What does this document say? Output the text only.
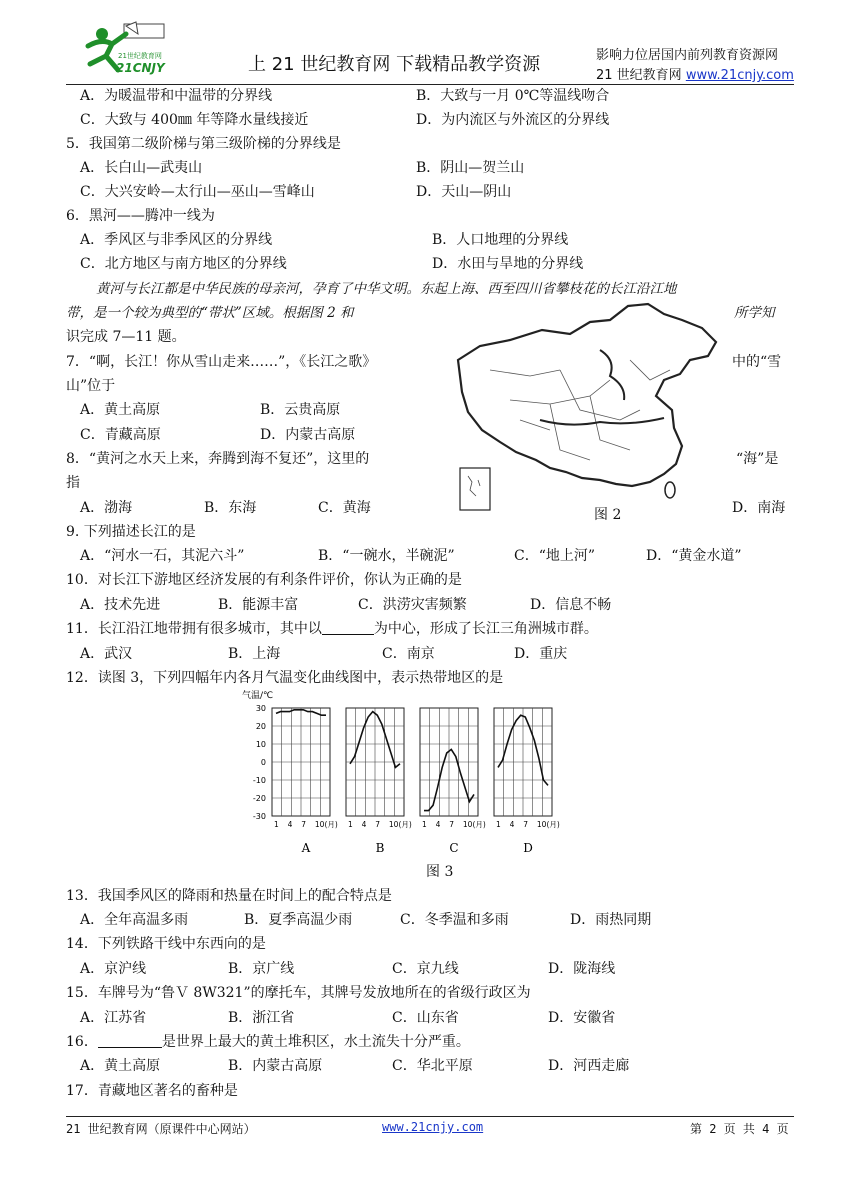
21世纪教育网
21CNJY	上 21 世纪教育网 下载精品教学资源	影响力位居国内前列教育资源网
21 世纪教育网 www.21cnjy.com
A．为暖温带和中温带的分界线	B．大致与一月 0℃等温线吻合
C．大致与 400㎜ 年等降水量线接近	D．为内流区与外流区的分界线
5．我国第二级阶梯与第三级阶梯的分界线是
A．长白山—武夷山	B．阴山—贺兰山
C．大兴安岭—太行山—巫山—雪峰山	D．天山—阴山
6．黑河——腾冲一线为
A．季风区与非季风区的分界线	B．人口地理的分界线
C．北方地区与南方地区的分界线	D．水田与旱地的分界线
黄河与长江都是中华民族的母亲河，孕育了中华文明。东起上海、西至四川省攀枝花的长江沿江地
带，是一个较为典型的“带状”区域。根据图 2 和	所学知
识完成 7—11 题。
7．“啊，长江！你从雪山走来……”，《长江之歌》	中的“雪
山”位于
A．黄土高原	B．云贵高原
C．青藏高原	D．内蒙古高原
8．“黄河之水天上来，奔腾到海不复还”，这里的	“海”是
指
A．渤海	B．东海	C．黄海	D．南海
图 2
9. 下列描述长江的是
A．“河水一石，其泥六斗”	B．“一碗水，半碗泥”	C．“地上河”	D．“黄金水道”
10．对长江下游地区经济发展的有利条件评价，你认为正确的是
A．技术先进	B．能源丰富	C．洪涝灾害频繁	D．信息不畅
11．长江沿江地带拥有很多城市，其中以	为中心，形成了长江三角洲城市群。
A．武汉	B．上海	C．南京	D．重庆
12．读图 3，下列四幅年内各月气温变化曲线图中，表示热带地区的是
气温/℃
30
20
10
0
-10
-20
-30
1 4 7 10(月)
A
1 4 7 10(月)
B
1 4 7 10(月)
C
1 4 7 10(月)
D
图 3
13．我国季风区的降雨和热量在时间上的配合特点是
A．全年高温多雨	B．夏季高温少雨	C．冬季温和多雨	D．雨热同期
14．下列铁路干线中东西向的是
A．京沪线	B．京广线	C．京九线	D．陇海线
15．车牌号为“鲁Ｖ 8W321”的摩托车，其牌号发放地所在的省级行政区为
A．江苏省	B．浙江省	C．山东省	D．安徽省
16．	是世界上最大的黄土堆积区，水土流失十分严重。
A．黄土高原	B．内蒙古高原	C．华北平原	D．河西走廊
17．青藏地区著名的畜种是
21 世纪教育网（原课件中心网站）	www.21cnjy.com	第 2 页 共 4 页
